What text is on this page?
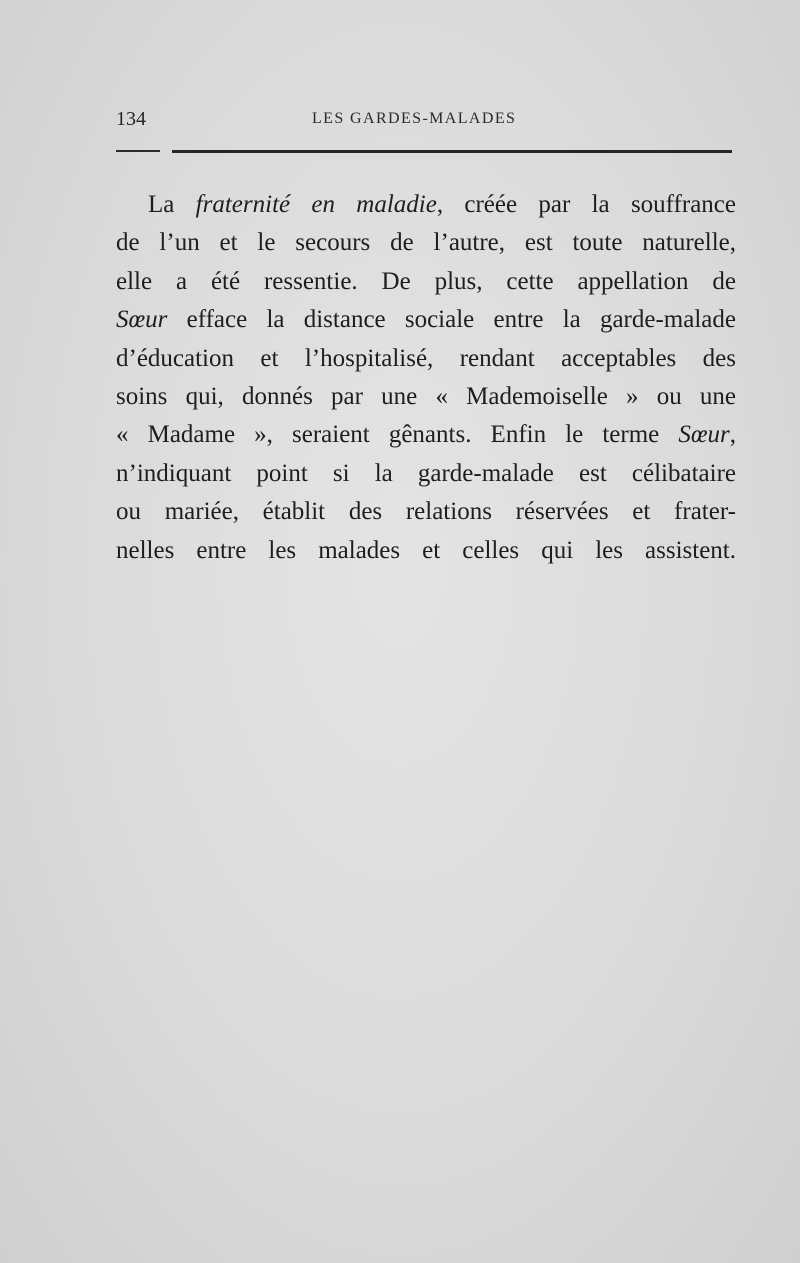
134	LES GARDES-MALADES
La fraternité en maladie, créée par la souffrance
de l’un et le secours de l’autre, est toute naturelle,
elle a été ressentie. De plus, cette appellation de
Sœur efface la distance sociale entre la garde-malade
d’éducation et l’hospitalisé, rendant acceptables des
soins qui, donnés par une « Mademoiselle » ou une
« Madame », seraient gênants. Enfin le terme Sœur,
n’indiquant point si la garde-malade est célibataire
ou mariée, établit des relations réservées et frater-
nelles entre les malades et celles qui les assistent.
